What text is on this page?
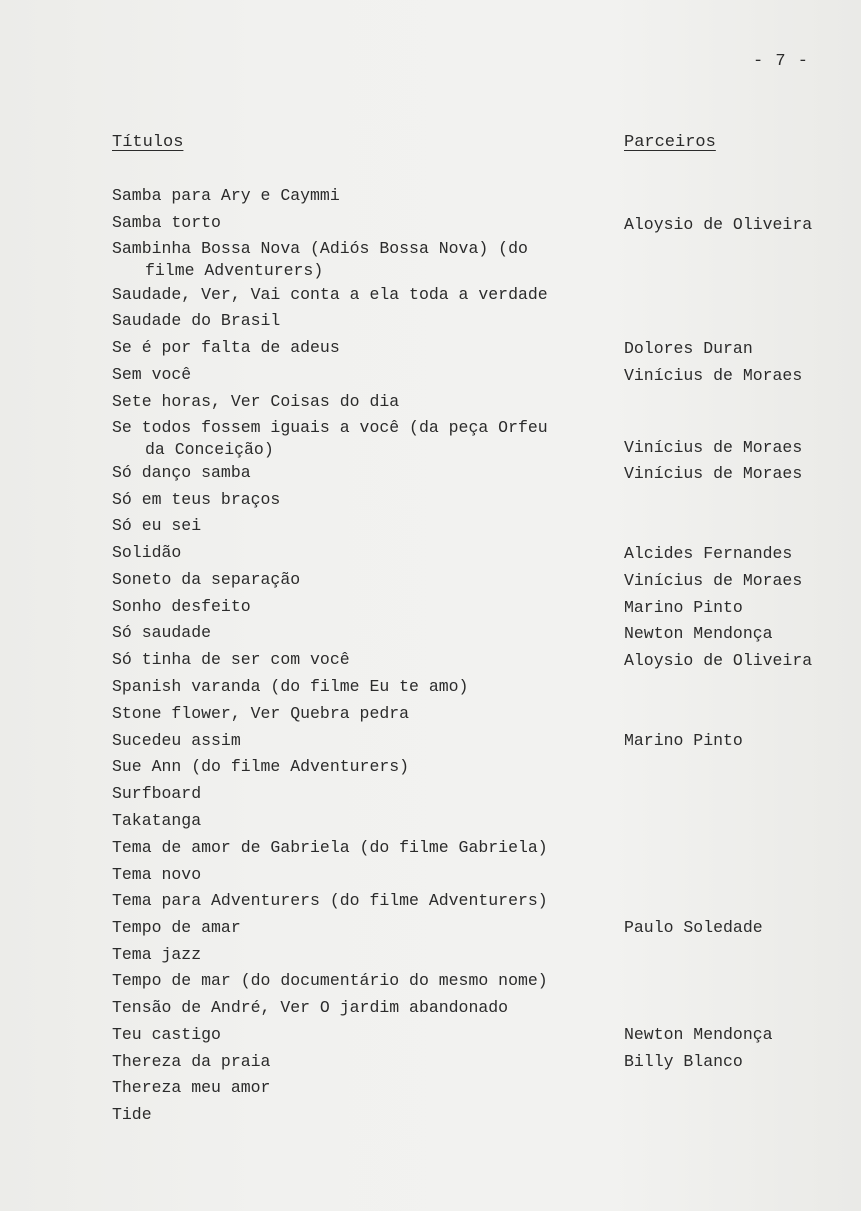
- 7 -
Títulos	Parceiros
Samba para Ary e Caymmi
Samba torto
Sambinha Bossa Nova (Adiós Bossa Nova) (do
filme Adventurers)
Saudade, Ver, Vai conta a ela toda a verdade
Saudade do Brasil
Se é por falta de adeus
Sem você
Sete horas, Ver Coisas do dia
Se todos fossem iguais a você (da peça Orfeu
da Conceição)
Só danço samba
Só em teus braços
Só eu sei
Solidão
Soneto da separação
Sonho desfeito
Só saudade
Só tinha de ser com você
Spanish varanda (do filme Eu te amo)
Stone flower, Ver Quebra pedra
Sucedeu assim
Sue Ann (do filme Adventurers)
Surfboard
Takatanga
Tema de amor de Gabriela (do filme Gabriela)
Tema novo
Tema para Adventurers (do filme Adventurers)
Tempo de amar
Tema jazz
Tempo de mar (do documentário do mesmo nome)
Tensão de André, Ver O jardim abandonado
Teu castigo
Thereza da praia
Thereza meu amor
Tide
Aloysio de Oliveira
Dolores Duran
Vinícius de Moraes
Vinícius de Moraes
Vinícius de Moraes
Alcides Fernandes
Vinícius de Moraes
Marino Pinto
Newton Mendonça
Aloysio de Oliveira
Marino Pinto
Paulo Soledade
Newton Mendonça
Billy Blanco
